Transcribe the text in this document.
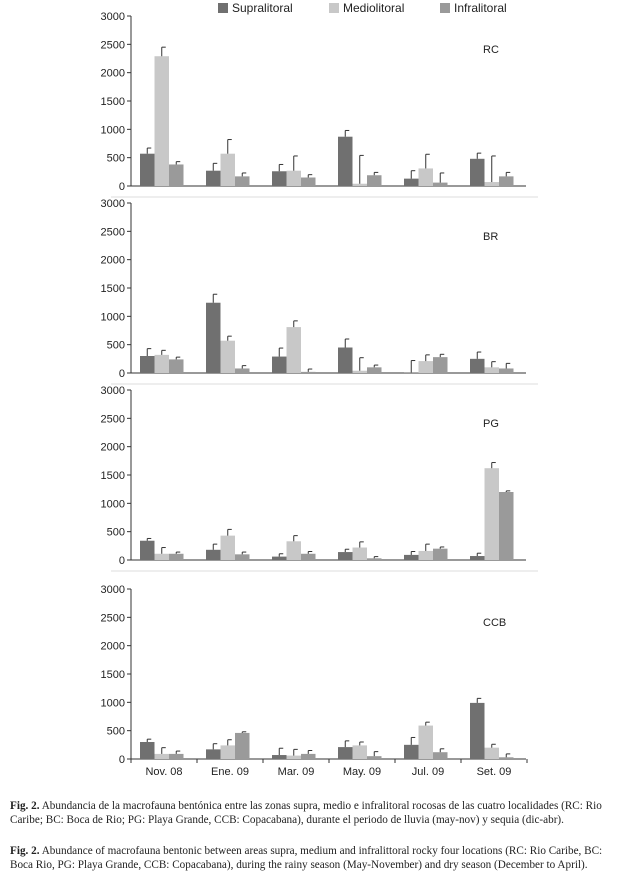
Supralitoral	Mediolitoral	Infralitoral
0
500
1000
1500
2000
2500
3000
RC
0
500
1000
1500
2000
2500
3000
BR
0
500
1000
1500
2000
2500
3000
PG
0
500
1000
1500
2000
2500
3000
CCB
Nov. 08	Ene. 09	Mar. 09	May. 09	Jul. 09	Set. 09

Fig. 2. Abundancia de la macrofauna bentónica entre las zonas supra, medio e infralitoral rocosas de las cuatro localidades (RC: Rio Caribe; BC: Boca de Rio; PG: Playa Grande, CCB: Copacabana), durante el periodo de lluvia (may-nov) y sequia (dic-abr).

Fig. 2. Abundance of macrofauna bentonic between areas supra, medium and infralittoral rocky four locations (RC: Rio Caribe, BC: Boca Rio, PG: Playa Grande, CCB: Copacabana), during the rainy season (May-November) and dry season (December to April).
